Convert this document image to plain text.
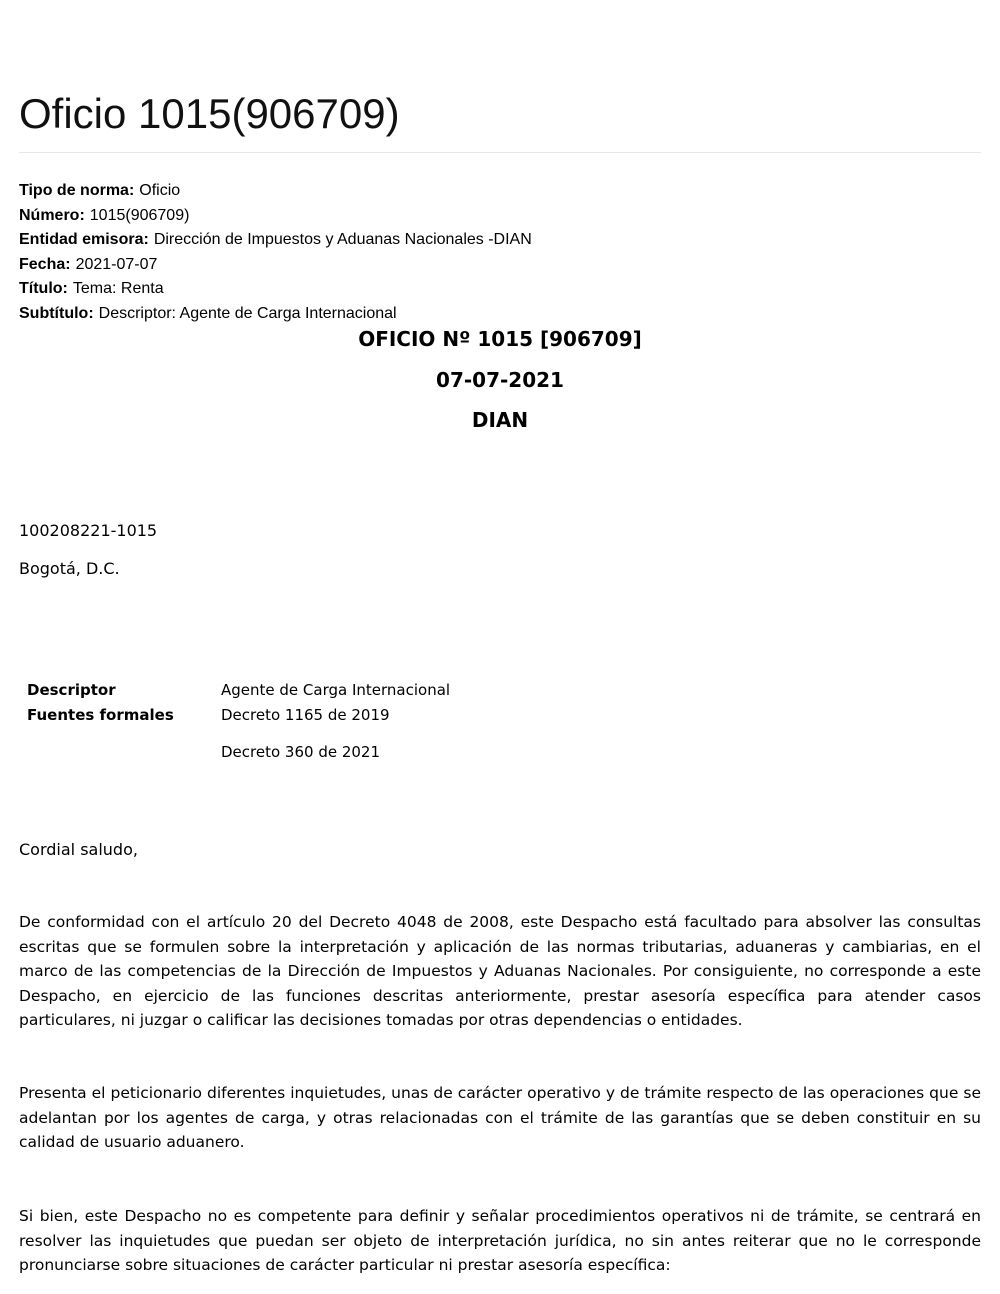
Oficio 1015(906709)
Tipo de norma: Oficio
Número: 1015(906709)
Entidad emisora: Dirección de Impuestos y Aduanas Nacionales -DIAN
Fecha: 2021-07-07
Título: Tema: Renta
Subtítulo: Descriptor: Agente de Carga Internacional
OFICIO Nº 1015 [906709]
07-07-2021
DIAN
100208221-1015
Bogotá, D.C.
Descriptor	Agente de Carga Internacional
Fuentes formales	Decreto 1165 de 2019
Decreto 360 de 2021
Cordial saludo,

De conformidad con el artículo 20 del Decreto 4048 de 2008, este Despacho está facultado para absolver las consultas escritas que se formulen sobre la interpretación y aplicación de las normas tributarias, aduaneras y cambiarias, en el marco de las competencias de la Dirección de Impuestos y Aduanas Nacionales. Por consiguiente, no corresponde a este Despacho, en ejercicio de las funciones descritas anteriormente, prestar asesoría específica para atender casos particulares, ni juzgar o calificar las decisiones tomadas por otras dependencias o entidades.

Presenta el peticionario diferentes inquietudes, unas de carácter operativo y de trámite respecto de las operaciones que se adelantan por los agentes de carga, y otras relacionadas con el trámite de las garantías que se deben constituir en su calidad de usuario aduanero.

Si bien, este Despacho no es competente para definir y señalar procedimientos operativos ni de trámite, se centrará en resolver las inquietudes que puedan ser objeto de interpretación jurídica, no sin antes reiterar que no le corresponde pronunciarse sobre situaciones de carácter particular ni prestar asesoría específica:
